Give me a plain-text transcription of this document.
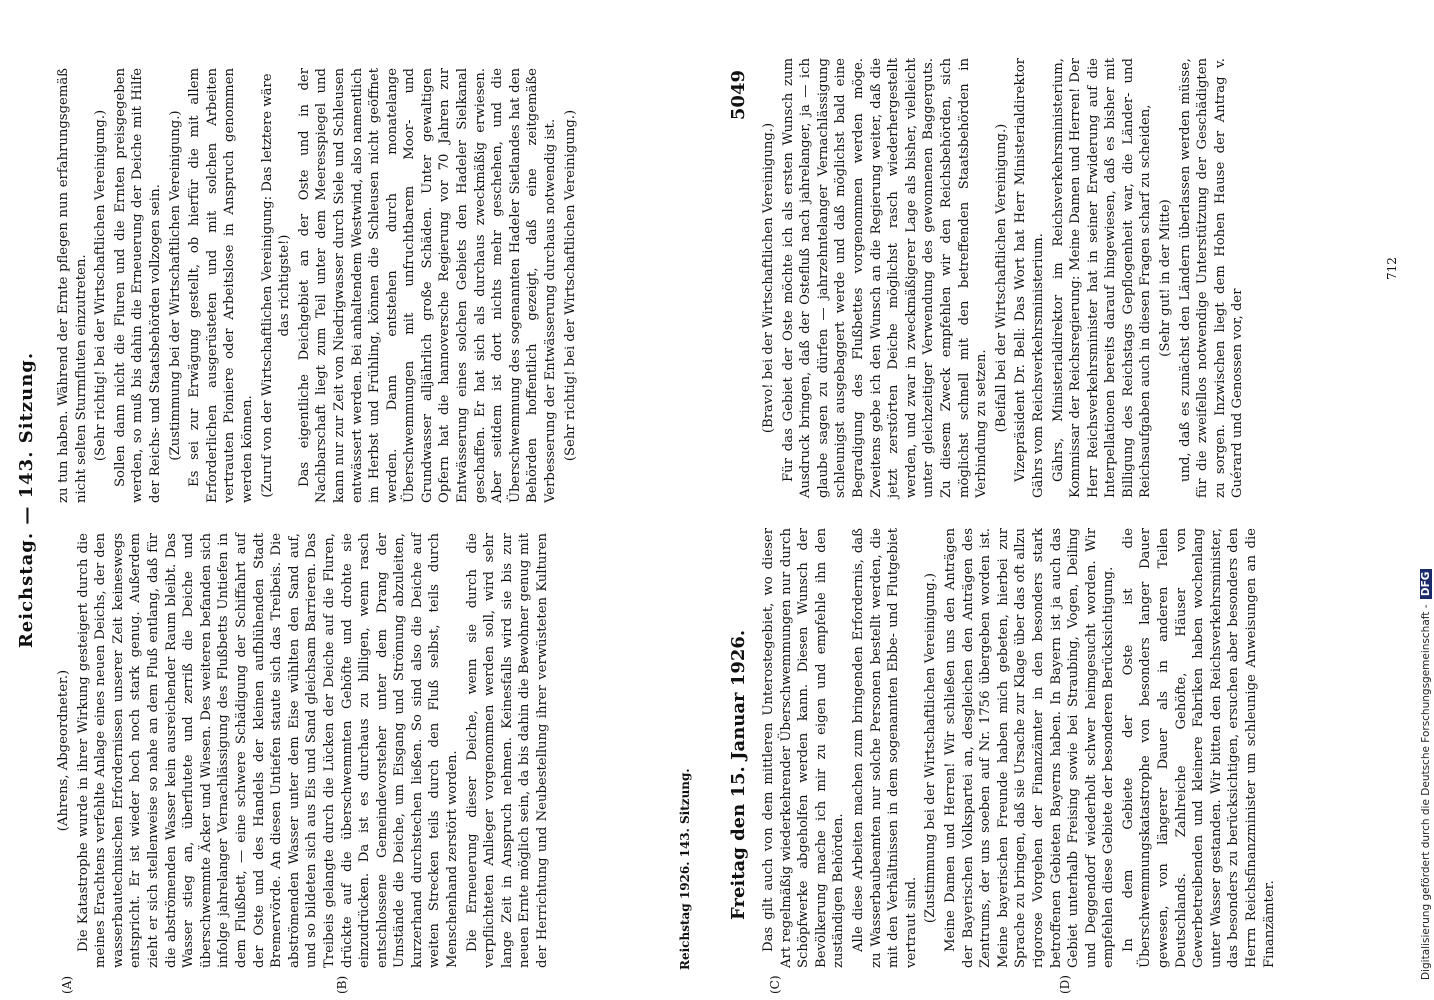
Reichstag. — 143. Sitzung.
Freitag den 15. Januar 1926.
5049
(A)	(B)	(C)	(D)

(Ahrens, Abgeordneter.) Die Katastrophe wurde in ihrer Wirkung gesteigert durch die meines Erachtens verfehlte Anlage eines neuen Deichs, der den wasserbautechnischen Erfordernissen unserer Zeit keineswegs entspricht. Er ist wieder hoch noch stark genug. Außerdem zieht er sich stellenweise so nahe an dem Fluß entlang, daß für die abströmenden Wasser kein ausreichender Raum bleibt. Das Wasser stieg an, überflutete und zerriß die Deiche und überschwemmte Äcker und Wiesen. Des weiteren befanden sich infolge jahrelanger Vernachlässigung des Flußbetts Untiefen in dem Flußbett, — eine schwere Schädigung der Schiffahrt auf der Oste und des Handels der kleinen aufblühenden Stadt Bremervörde. An diesen Untiefen staute sich das Treibeis. Die abströmenden Wasser unter dem Eise wühlten den Sand auf, und so bildeten sich aus Eis und Sand gleichsam Barrieren. Das Treibeis gelangte durch die Lücken der Deiche auf die Fluren, drückte auf die überschwemmten Gehöfte und drohte sie einzudrücken. Da ist es durchaus zu billigen, wenn rasch entschlossene Gemeindevorsteher unter dem Drang der Umstände die Deiche, um Eisgang und Strömung abzuleiten, kurzerhand durchstechen ließen. So sind also die Deiche auf weiten Strecken teils durch den Fluß selbst, teils durch Menschenhand zerstört worden. Die Erneuerung dieser Deiche, wenn sie durch die verpflichteten Anlieger vorgenommen werden soll, wird sehr lange Zeit in Anspruch nehmen. Keinesfalls wird sie bis zur neuen Ernte möglich sein, da bis dahin die Bewohner genug mit der Herrichtung und Neubestellung ihrer verwüsteten Kulturen zu tun haben. Während der Ernte pflegen nun erfahrungsgemäß nicht selten Sturmfluten einzutreten. (Sehr richtig! bei der Wirtschaftlichen Vereinigung.) Sollen dann nicht die Fluren und die Ernten preisgegeben werden, so muß bis dahin die Erneuerung der Deiche mit Hilfe der Reichs- und Staatsbehörden vollzogen sein. (Zustimmung bei der Wirtschaftlichen Vereinigung.) Es sei zur Erwägung gestellt, ob hierfür die mit allem Erforderlichen ausgerüsteten und mit solchen Arbeiten vertrauten Pioniere oder Arbeitslose in Anspruch genommen werden können. (Zuruf von der Wirtschaftlichen Vereinigung: Das letztere wäre das richtigste!) Das eigentliche Deichgebiet an der Oste und in der Nachbarschaft liegt zum Teil unter dem Meeresspiegel und kann nur zur Zeit von Niedrigwasser durch Siele und Schleusen entwässert werden. Bei anhaltendem Westwind, also namentlich im Herbst und Frühling, können die Schleusen nicht geöffnet werden. Dann entstehen durch monatelange Überschwemmungen mit unfruchtbarem Moor- und Grundwasser alljährlich große Schäden. Unter gewaltigen Opfern hat die hannoversche Regierung vor 70 Jahren zur Entwässerung eines solchen Gebiets den Hadeler Sielkanal geschaffen. Er hat sich als durchaus zweckmäßig erwiesen. Aber seitdem ist dort nichts mehr geschehen, und die Überschwemmung des sogenannten Hadeler Sietlandes hat den Behörden hoffentlich gezeigt, daß eine zeitgemäße Verbesserung der Entwässerung durchaus notwendig ist. (Sehr richtig! bei der Wirtschaftlichen Vereinigung.)

Reichstag 1926. 143. Sitzung.	Das gilt auch von dem mittleren Unterostegebiet, wo dieser Art regelmäßig wiederkehrender Überschwemmungen nur durch Schöpfwerke abgeholfen werden kann. Diesen Wunsch der Bevölkerung mache ich mir zu eigen und empfehle ihn den zuständigen Behörden. Alle diese Arbeiten machen zum bringenden Erfordernis, daß zu Wasserbaubeamten nur solche Personen bestellt werden, die mit den Verhältnissen in dem sogenannten Ebbe- und Flutgebiet vertraut sind. (Zustimmung bei der Wirtschaftlichen Vereinigung.) Meine Damen und Herren! Wir schließen uns den Anträgen der Bayerischen Volkspartei an, desgleichen den Anträgen des Zentrums, der uns soeben auf Nr. 1756 übergeben worden ist. Meine bayerischen Freunde haben mich gebeten, hierbei zur Sprache zu bringen, daß sie Ursache zur Klage über das oft allzu rigorose Vorgehen der Finanzämter in den besonders stark betroffenen Gebieten Bayerns haben. In Bayern ist ja auch das Gebiet unterhalb Freising sowie bei Straubing, Vogen, Deiling und Deggendorf wiederholt schwer heimgesucht worden. Wir empfehlen diese Gebiete der besonderen Berücksichtigung. In dem Gebiete der Oste ist die Überschwemmungskatastrophe von besonders langer Dauer gewesen, von längerer Dauer als in anderen Teilen Deutschlands. Zahlreiche Gehöfte, Häuser von Gewerbetreibenden und kleinere Fabriken haben wochenlang unter Wasser gestanden. Wir bitten den Reichsverkehrsminister, das besonders zu berücksichtigen, ersuchen aber besonders den Herrn Reichsfinanzminister um schleunige Anweisungen an die Finanzämter.

(Bravo! bei der Wirtschaftlichen Vereinigung.) Für das Gebiet der Oste möchte ich als ersten Wunsch zum Ausdruck bringen, daß der Ostefluß nach jahrelanger, ja — ich glaube sagen zu dürfen — jahrzehntelanger Vernachlässigung schleunigst ausgebaggert werde und daß möglichst bald eine Begradigung des Flußbettes vorgenommen werden möge. Zweitens gebe ich den Wunsch an die Regierung weiter, daß die jetzt zerstörten Deiche möglichst rasch wiederhergestellt werden, und zwar in zweckmäßigerer Lage als bisher, vielleicht unter gleichzeitiger Verwendung des gewonnenen Baggerguts. Zu diesem Zweck empfehlen wir den Reichsbehörden, sich möglichst schnell mit den betreffenden Staatsbehörden in Verbindung zu setzen. (Beifall bei der Wirtschaftlichen Vereinigung.) Vizepräsident Dr. Bell: Das Wort hat Herr Ministerialdirektor Gährs vom Reichsverkehrsministerium. Gährs, Ministerialdirektor im Reichsverkehrsministerium, Kommissar der Reichsregierung: Meine Damen und Herren! Der Herr Reichsverkehrsminister hat in seiner Erwiderung auf die Interpellationen bereits darauf hingewiesen, daß es bisher mit Billigung des Reichstags Gepflogenheit war, die Länder- und Reichsaufgaben auch in diesen Fragen scharf zu scheiden, (Sehr gut! in der Mitte) und, daß es zunächst den Ländern überlassen werden müsse, für die zweifellos notwendige Unterstützung der Geschädigten zu sorgen. Inzwischen liegt dem Hohen Hause der Antrag v. Guérard und Genossen vor, der

712
Digitalisierung gefördert durch die Deutsche Forschungsgemeinschaft - DFG
